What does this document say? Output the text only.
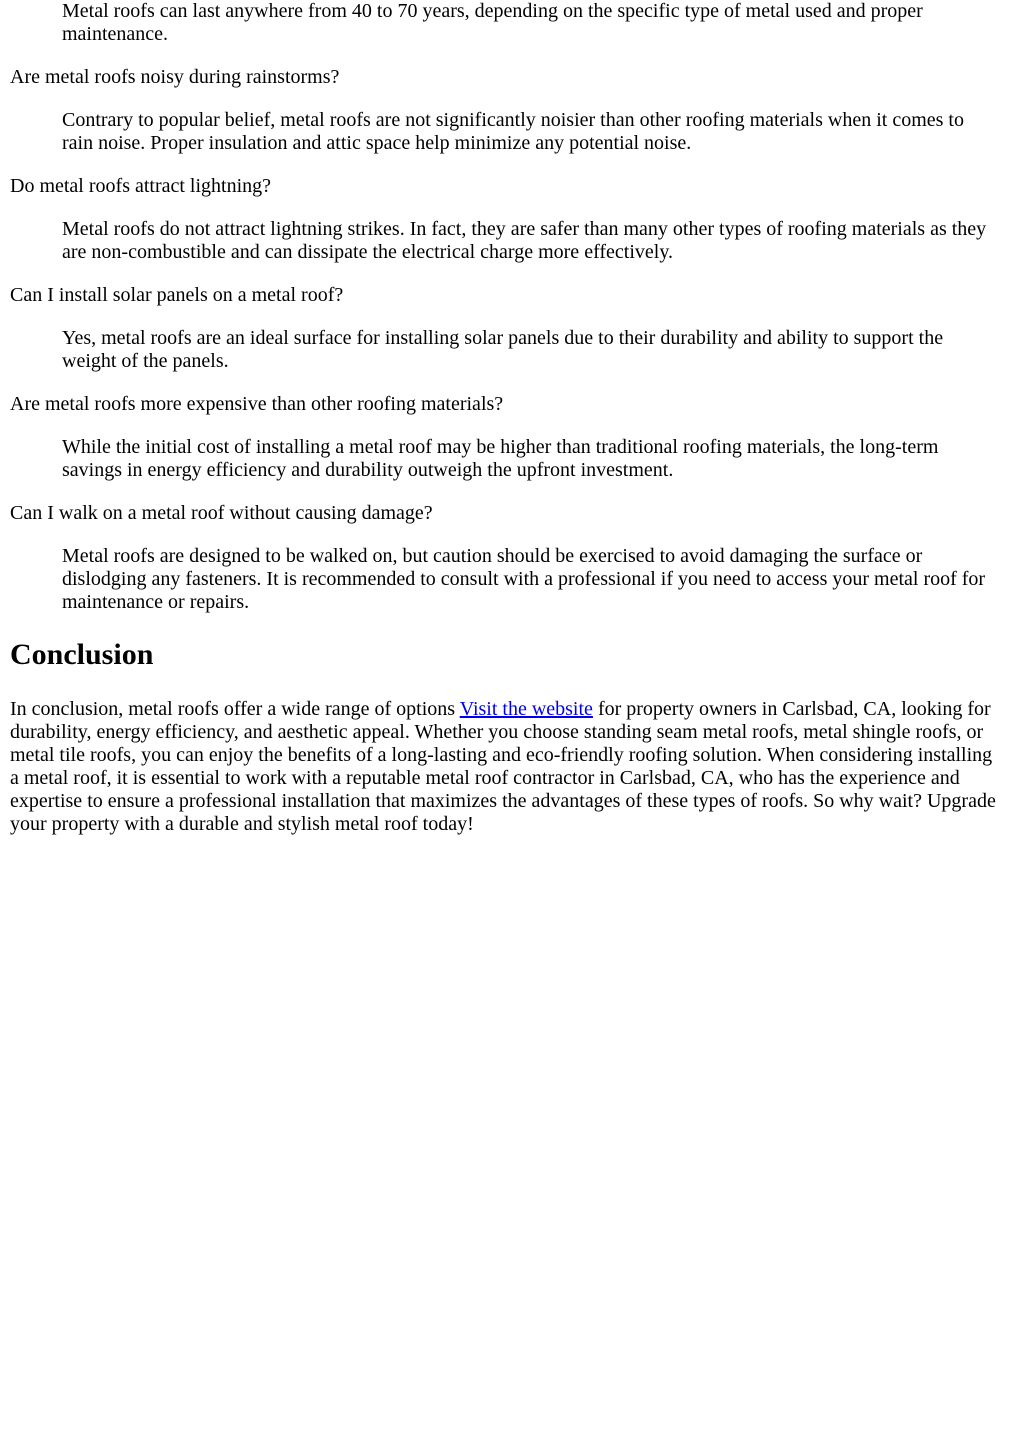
Metal roofs can last anywhere from 40 to 70 years, depending on the specific type of metal used and proper maintenance.

Are metal roofs noisy during rainstorms?

Contrary to popular belief, metal roofs are not significantly noisier than other roofing materials when it comes to rain noise. Proper insulation and attic space help minimize any potential noise.

Do metal roofs attract lightning?

Metal roofs do not attract lightning strikes. In fact, they are safer than many other types of roofing materials as they are non-combustible and can dissipate the electrical charge more effectively.

Can I install solar panels on a metal roof?

Yes, metal roofs are an ideal surface for installing solar panels due to their durability and ability to support the weight of the panels.

Are metal roofs more expensive than other roofing materials?

While the initial cost of installing a metal roof may be higher than traditional roofing materials, the long-term savings in energy efficiency and durability outweigh the upfront investment.

Can I walk on a metal roof without causing damage?

Metal roofs are designed to be walked on, but caution should be exercised to avoid damaging the surface or dislodging any fasteners. It is recommended to consult with a professional if you need to access your metal roof for maintenance or repairs.

Conclusion

In conclusion, metal roofs offer a wide range of options Visit the website for property owners in Carlsbad, CA, looking for durability, energy efficiency, and aesthetic appeal. Whether you choose standing seam metal roofs, metal shingle roofs, or metal tile roofs, you can enjoy the benefits of a long-lasting and eco-friendly roofing solution. When considering installing a metal roof, it is essential to work with a reputable metal roof contractor in Carlsbad, CA, who has the experience and expertise to ensure a professional installation that maximizes the advantages of these types of roofs. So why wait? Upgrade your property with a durable and stylish metal roof today!
